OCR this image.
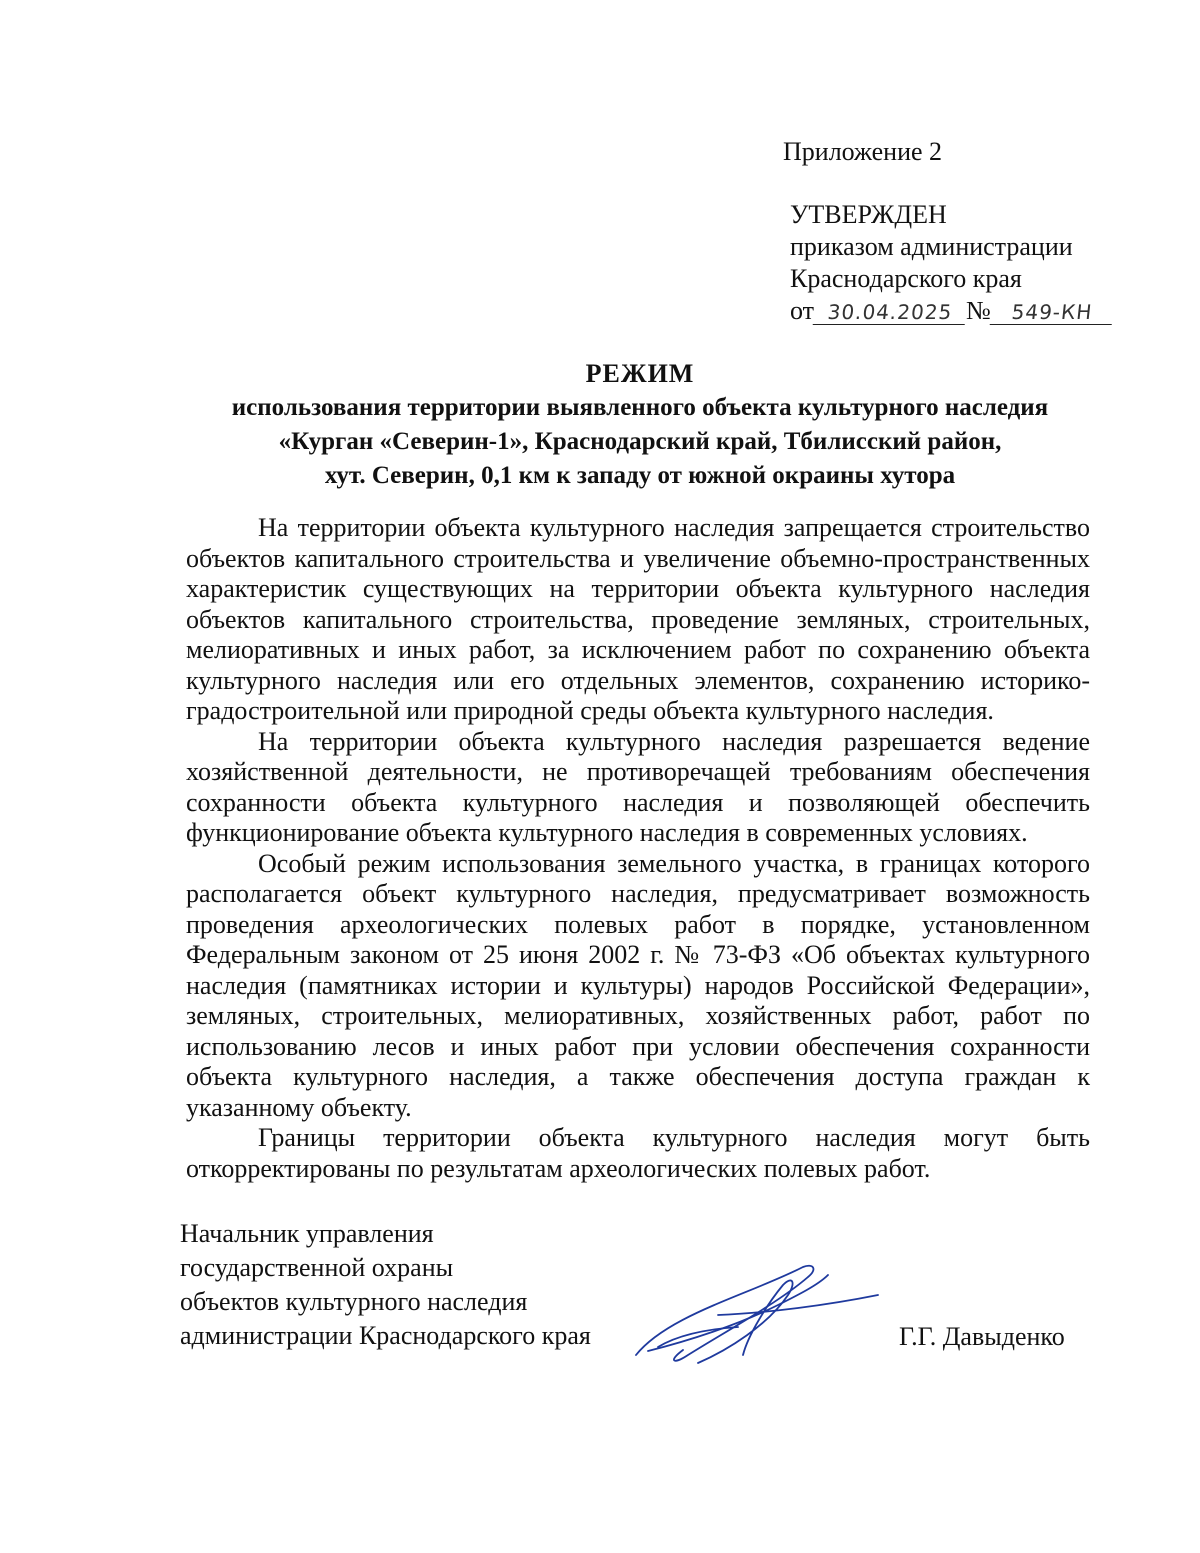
Приложение 2
УТВЕРЖДЕН
приказом администрации
Краснодарского края
от 30.04.2025 № 549-КН
РЕЖИМ
использования территории выявленного объекта культурного наследия
«Курган «Северин-1», Краснодарский край, Тбилисский район,
хут. Северин, 0,1 км к западу от южной окраины хутора

На территории объекта культурного наследия запрещается строительство объектов капитального строительства и увеличение объемно-пространственных характеристик существующих на территории объекта культурного наследия объектов капитального строительства, проведение земляных, строительных, мелиоративных и иных работ, за исключением работ по сохранению объекта культурного наследия или его отдельных элементов, сохранению историко-градостроительной или природной среды объекта культурного наследия.

На территории объекта культурного наследия разрешается ведение хозяйственной деятельности, не противоречащей требованиям обеспечения сохранности объекта культурного наследия и позволяющей обеспечить функционирование объекта культурного наследия в современных условиях.

Особый режим использования земельного участка, в границах которого располагается объект культурного наследия, предусматривает возможность проведения археологических полевых работ в порядке, установленном Федеральным законом от 25 июня 2002 г. № 73-ФЗ «Об объектах культурного наследия (памятниках истории и культуры) народов Российской Федерации», земляных, строительных, мелиоративных, хозяйственных работ, работ по использованию лесов и иных работ при условии обеспечения сохранности объекта культурного наследия, а также обеспечения доступа граждан к указанному объекту.

Границы территории объекта культурного наследия могут быть откорректированы по результатам археологических полевых работ.

Начальник управления
государственной охраны
объектов культурного наследия
администрации Краснодарского края	Г.Г. Давыденко
